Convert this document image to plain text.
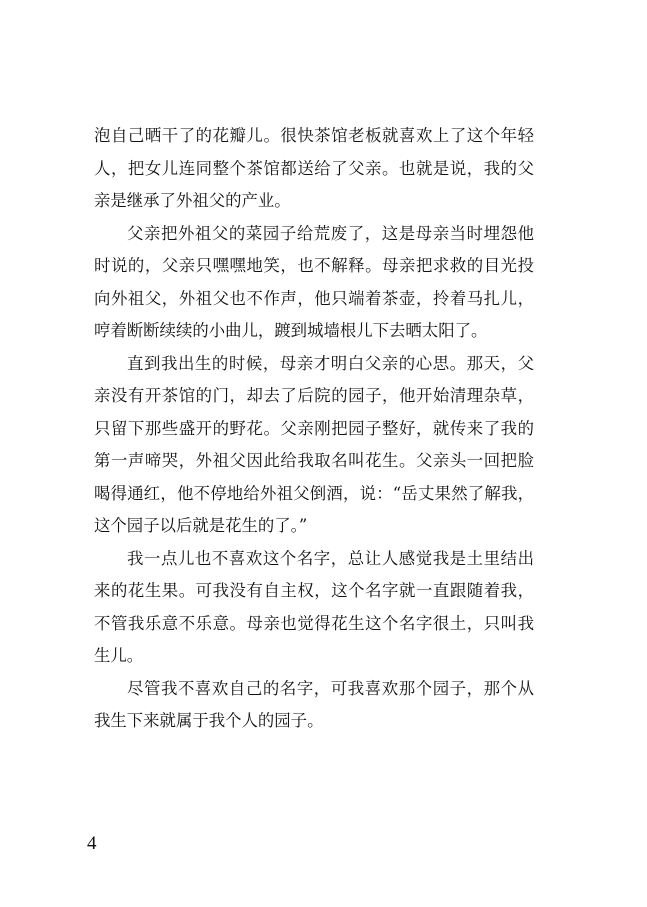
泡自己晒干了的花瓣儿。很快茶馆老板就喜欢上了这个年轻
人，把女儿连同整个茶馆都送给了父亲。也就是说，我的父
亲是继承了外祖父的产业。
父亲把外祖父的菜园子给荒废了，这是母亲当时埋怨他
时说的，父亲只嘿嘿地笑，也不解释。母亲把求救的目光投
向外祖父，外祖父也不作声，他只端着茶壶，拎着马扎儿，
哼着断断续续的小曲儿，踱到城墙根儿下去晒太阳了。
直到我出生的时候，母亲才明白父亲的心思。那天，父
亲没有开茶馆的门，却去了后院的园子，他开始清理杂草，
只留下那些盛开的野花。父亲刚把园子整好，就传来了我的
第一声啼哭，外祖父因此给我取名叫花生。父亲头一回把脸
喝得通红，他不停地给外祖父倒酒，说：“岳丈果然了解我，
这个园子以后就是花生的了。”
我一点儿也不喜欢这个名字，总让人感觉我是土里结出
来的花生果。可我没有自主权，这个名字就一直跟随着我，
不管我乐意不乐意。母亲也觉得花生这个名字很土，只叫我
生儿。
尽管我不喜欢自己的名字，可我喜欢那个园子，那个从
我生下来就属于我个人的园子。
4
